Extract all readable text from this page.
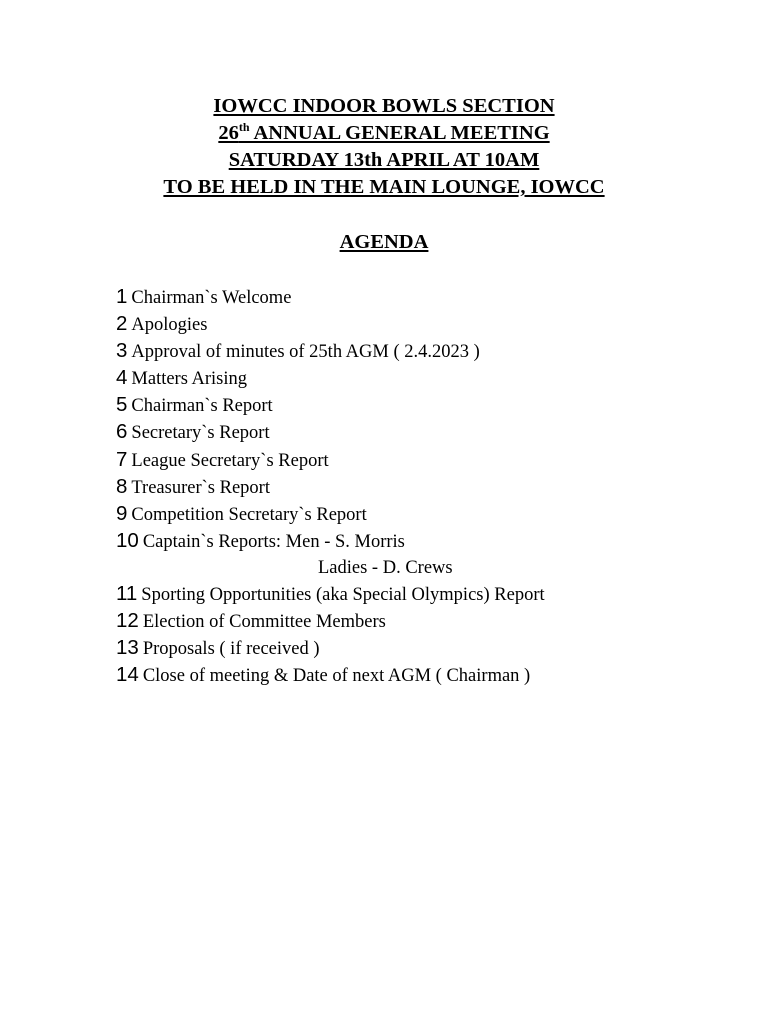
IOWCC INDOOR BOWLS SECTION
26th ANNUAL GENERAL MEETING
SATURDAY 13th APRIL AT 10AM
TO BE HELD IN THE MAIN LOUNGE, IOWCC
AGENDA
1 Chairman`s Welcome
2 Apologies
3 Approval of minutes of 25th AGM ( 2.4.2023 )
4 Matters Arising
5 Chairman`s Report
6 Secretary`s Report
7 League Secretary`s Report
8 Treasurer`s Report
9 Competition Secretary`s Report
10 Captain`s Reports: Men - S. Morris
Ladies - D. Crews
11 Sporting Opportunities (aka Special Olympics) Report
12 Election of Committee Members
13 Proposals ( if received )
14 Close of meeting & Date of next AGM ( Chairman )
